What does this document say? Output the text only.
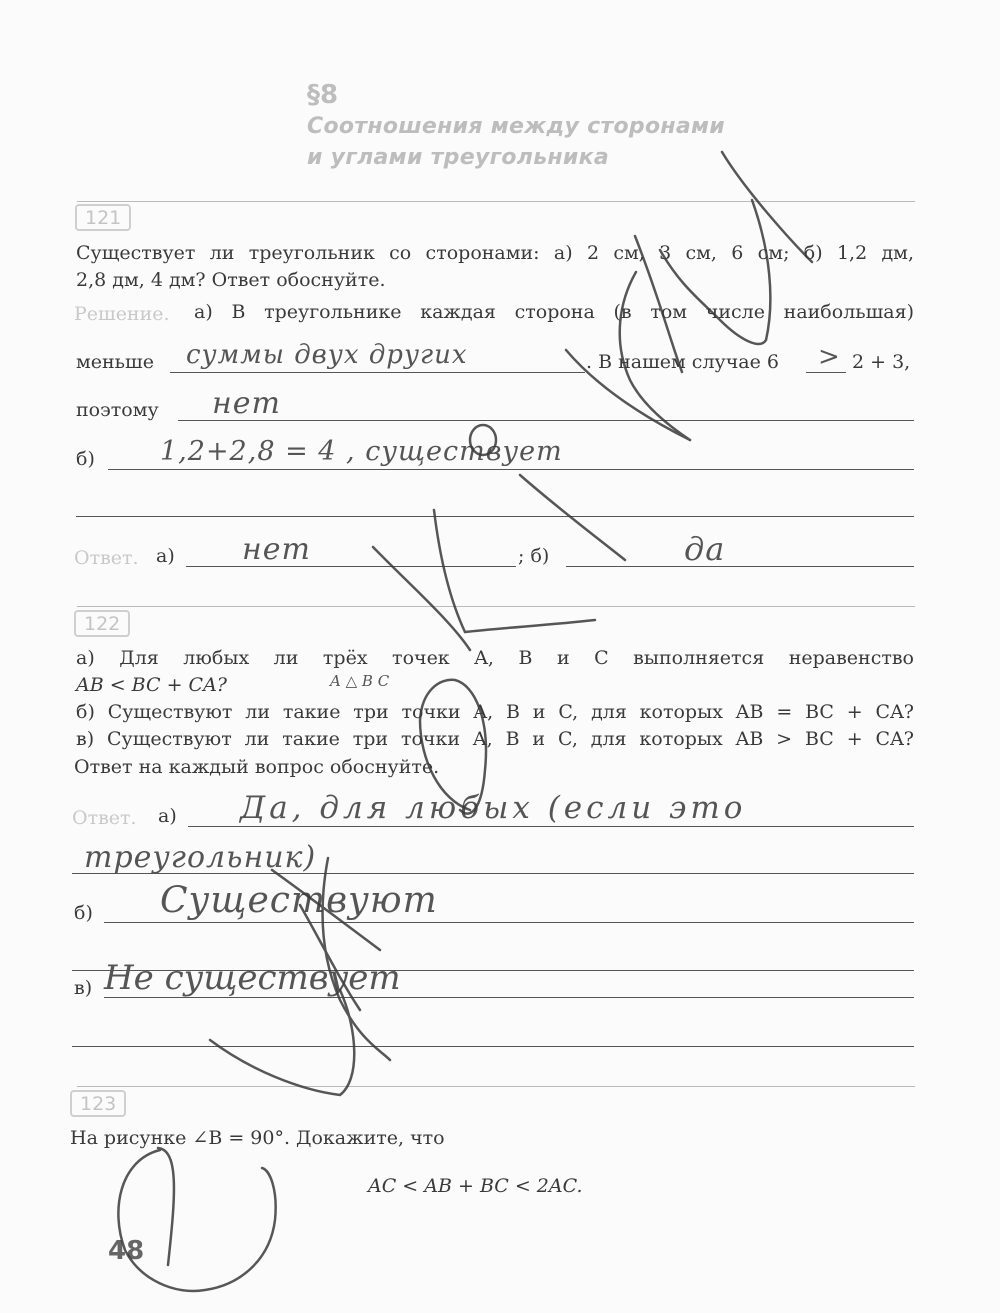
§8
Соотношения между сторонами
и углами треугольника
121
Существует ли треугольник со сторонами: а) 2 см, 3 см, 6 см; б) 1,2 дм,
2,8 дм, 4 дм? Ответ обоснуйте.
Решение. а) В треугольнике каждая сторона (в том числе наибольшая)
меньше суммы двух других	. В нашем случае 6 > 2 + 3,
поэтому нет
б) 1,2+2,8 = 4 , существует
Ответ. а) нет	; б)	да
122
а) Для любых ли трёх точек A, B и C выполняется неравенство
AB < BC + CA?	A △ B C
б) Существуют ли такие три точки A, B и C, для которых AB = BC + CA?
в) Существуют ли такие три точки A, B и C, для которых AB > BC + CA?
Ответ на каждый вопрос обоснуйте.
Ответ. а) Да, для любых (если это
треугольник)
б) Существуют
в) Не существует
123
На рисунке ∠B = 90°. Докажите, что
AC < AB + BC < 2AC.
48
